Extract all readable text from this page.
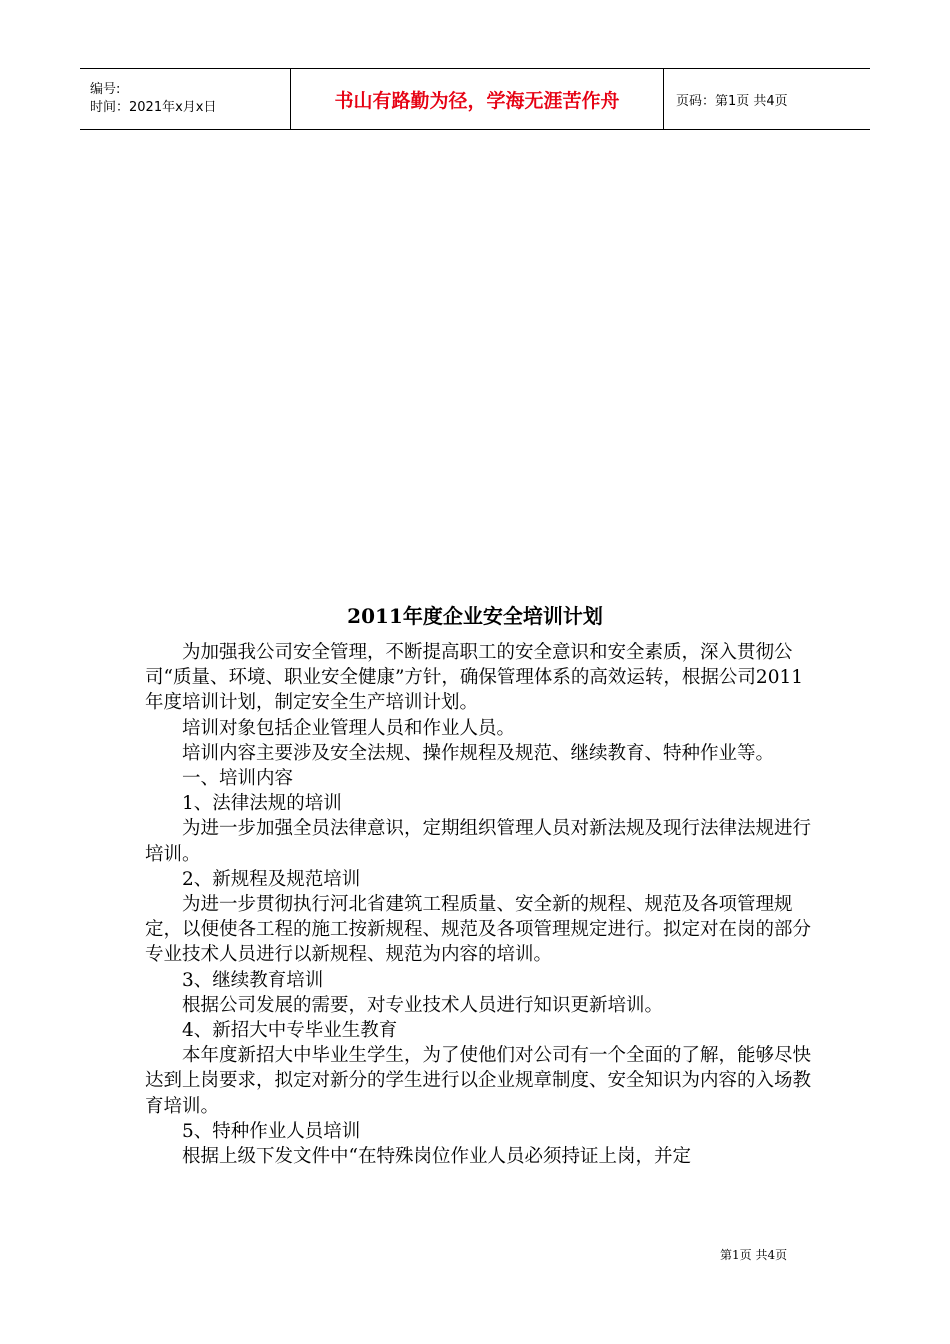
编号:
时间：2021年x月x日	书山有路勤为径，学海无涯苦作舟	页码：第1页 共4页
2011年度企业安全培训计划

为加强我公司安全管理，不断提高职工的安全意识和安全素质，深入贯彻公司“质量、环境、职业安全健康”方针，确保管理体系的高效运转，根据公司2011年度培训计划，制定安全生产培训计划。

培训对象包括企业管理人员和作业人员。

培训内容主要涉及安全法规、操作规程及规范、继续教育、特种作业等。

一、培训内容

1、法律法规的培训

为进一步加强全员法律意识，定期组织管理人员对新法规及现行法律法规进行培训。

2、新规程及规范培训

为进一步贯彻执行河北省建筑工程质量、安全新的规程、规范及各项管理规定，以便使各工程的施工按新规程、规范及各项管理规定进行。拟定对在岗的部分专业技术人员进行以新规程、规范为内容的培训。

3、继续教育培训

根据公司发展的需要，对专业技术人员进行知识更新培训。

4、新招大中专毕业生教育

本年度新招大中毕业生学生，为了使他们对公司有一个全面的了解，能够尽快达到上岗要求，拟定对新分的学生进行以企业规章制度、安全知识为内容的入场教育培训。

5、特种作业人员培训

根据上级下发文件中“在特殊岗位作业人员必须持证上岗，并定

第1页 共4页
